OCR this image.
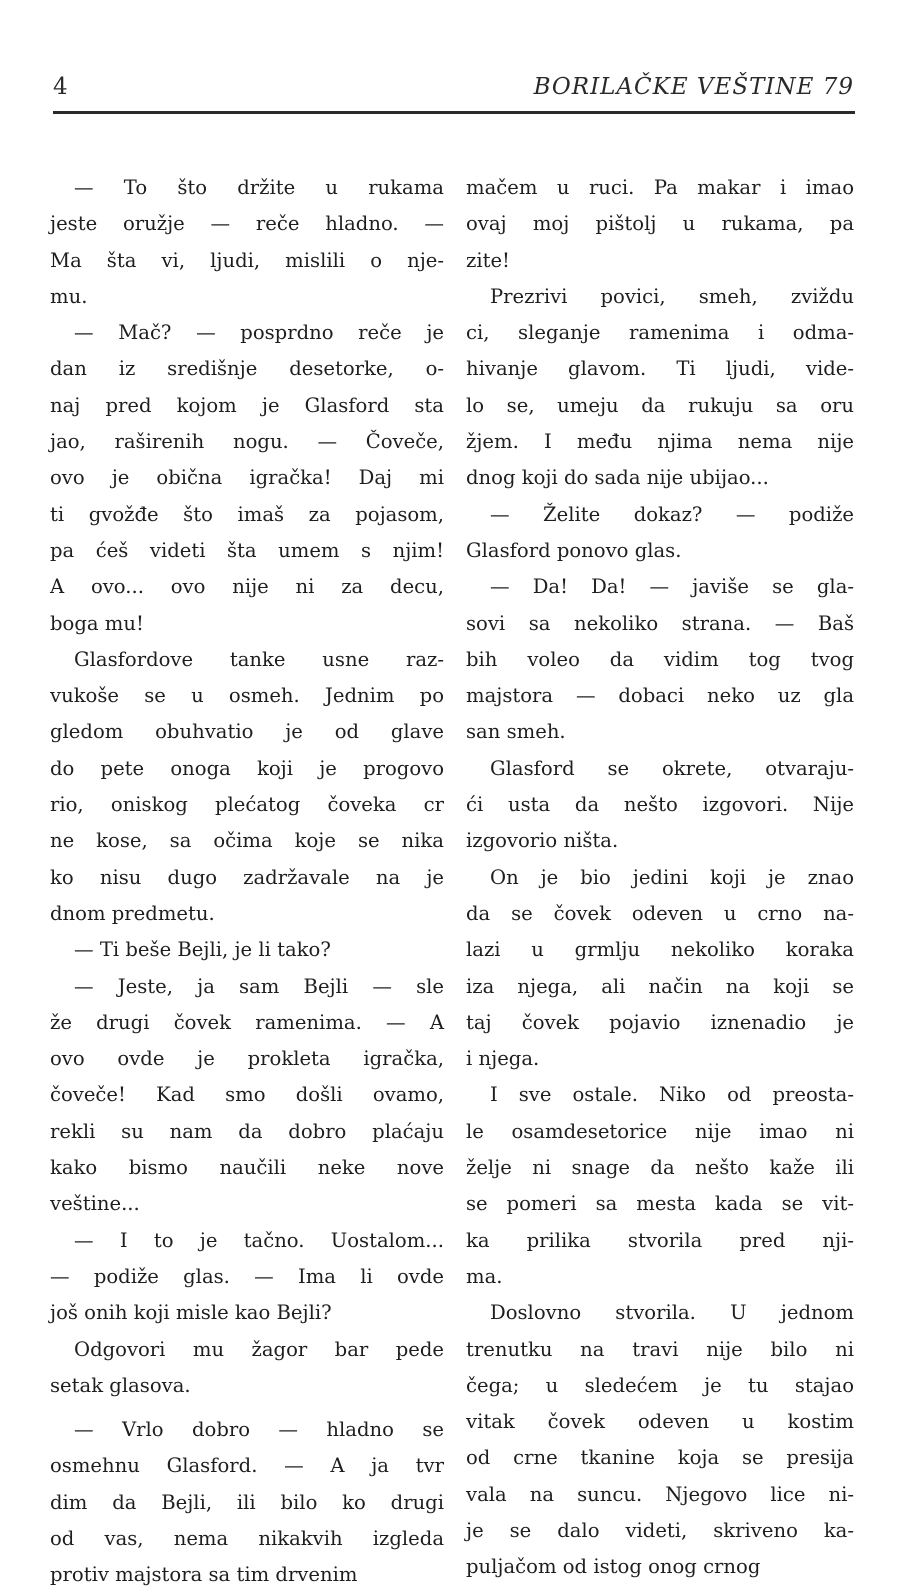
4	BORILAČKE VEŠTINE 79
— To što držite u rukama
jeste oružje — reče hladno. —
Ma šta vi, ljudi, mislili o nje-
mu.
— Mač? — posprdno reče je
dan iz središnje desetorke, o-
naj pred kojom je Glasford sta
jao, raširenih nogu. — Čoveče,
ovo je obična igračka! Daj mi
ti gvožđe što imaš za pojasom,
pa ćeš videti šta umem s njim!
A ovo... ovo nije ni za decu,
boga mu!
Glasfordove tanke usne raz-
vukoše se u osmeh. Jednim po
gledom obuhvatio je od glave
do pete onoga koji je progovo
rio, oniskog plećatog čoveka cr
ne kose, sa očima koje se nika
ko nisu dugo zadržavale na je
dnom predmetu.
— Ti beše Bejli, je li tako?
— Jeste, ja sam Bejli — sle
že drugi čovek ramenima. — A
ovo ovde je prokleta igračka,
čoveče! Kad smo došli ovamo,
rekli su nam da dobro plaćaju
kako bismo naučili neke nove
veštine...
— I to je tačno. Uostalom...
— podiže glas. — Ima li ovde
još onih koji misle kao Bejli?
Odgovori mu žagor bar pede
setak glasova.
— Vrlo dobro — hladno se
osmehnu Glasford. — A ja tvr
dim da Bejli, ili bilo ko drugi
od vas, nema nikakvih izgleda
protiv majstora sa tim drvenim
mačem u ruci. Pa makar i imao
ovaj moj pištolj u rukama, pa
zite!
Prezrivi povici, smeh, zviždu
ci, sleganje ramenima i odma-
hivanje glavom. Ti ljudi, vide-
lo se, umeju da rukuju sa oru
žjem. I među njima nema nije
dnog koji do sada nije ubijao...
— Želite dokaz? — podiže
Glasford ponovo glas.
— Da! Da! — javiše se gla-
sovi sa nekoliko strana. — Baš
bih voleo da vidim tog tvog
majstora — dobaci neko uz gla
san smeh.
Glasford se okrete, otvaraju-
ći usta da nešto izgovori. Nije
izgovorio ništa.
On je bio jedini koji je znao
da se čovek odeven u crno na-
lazi u grmlju nekoliko koraka
iza njega, ali način na koji se
taj čovek pojavio iznenadio je
i njega.
I sve ostale. Niko od preosta-
le osamdesetorice nije imao ni
želje ni snage da nešto kaže ili
se pomeri sa mesta kada se vit-
ka prilika stvorila pred nji-
ma.
Doslovno stvorila. U jednom
trenutku na travi nije bilo ni
čega; u sledećem je tu stajao
vitak čovek odeven u kostim
od crne tkanine koja se presija
vala na suncu. Njegovo lice ni-
je se dalo videti, skriveno ka-
puljačom od istog onog crnog
